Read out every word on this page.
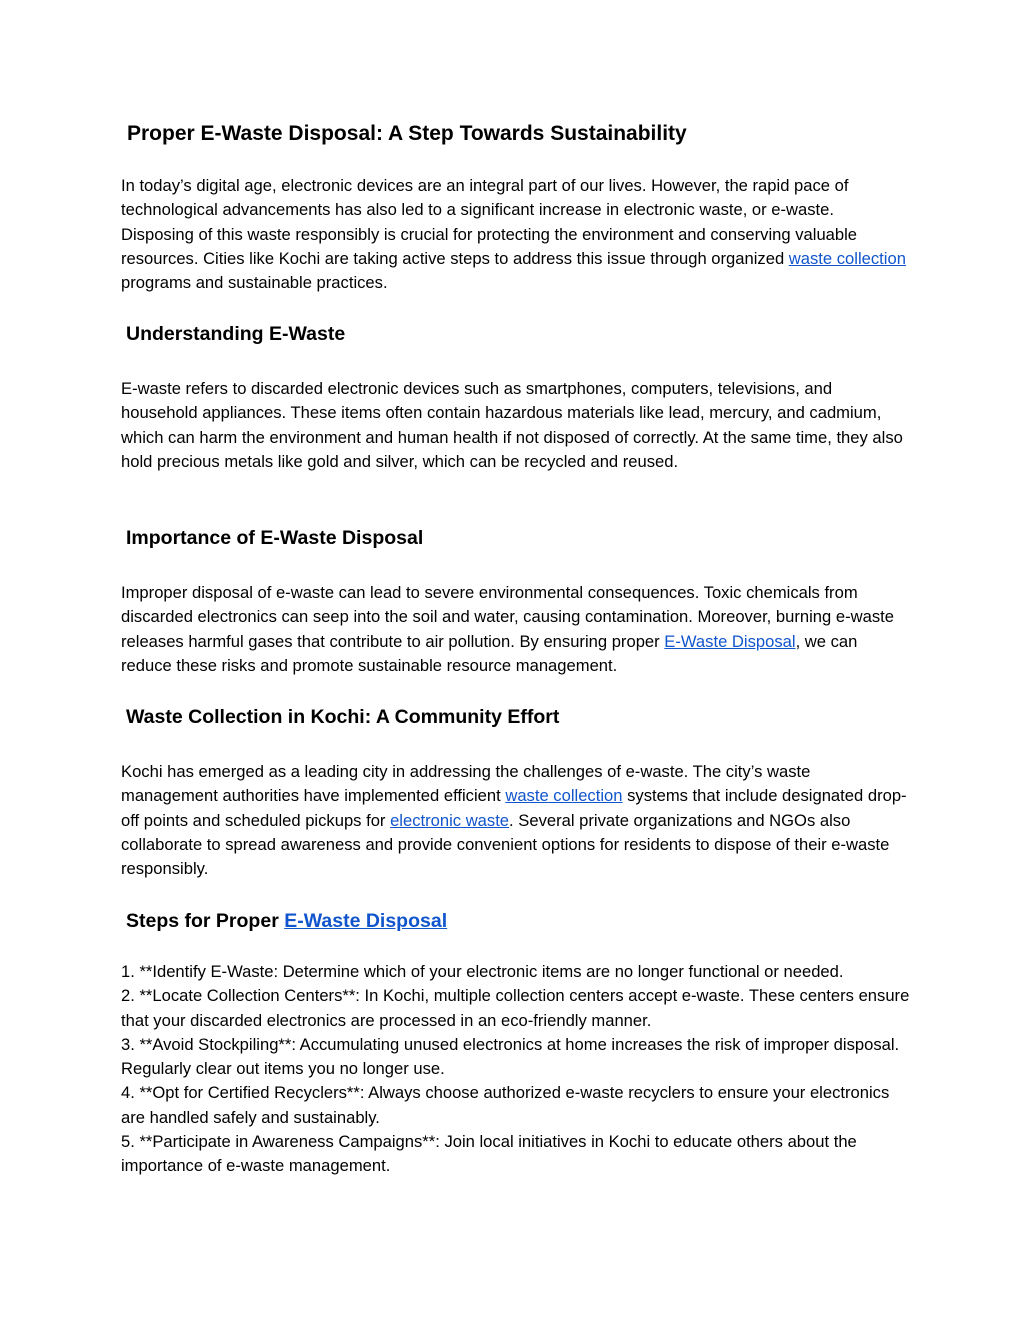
Proper E-Waste Disposal: A Step Towards Sustainability

In today’s digital age, electronic devices are an integral part of our lives. However, the rapid pace of technological advancements has also led to a significant increase in electronic waste, or e-waste. Disposing of this waste responsibly is crucial for protecting the environment and conserving valuable resources. Cities like Kochi are taking active steps to address this issue through organized waste collection programs and sustainable practices.

Understanding E-Waste

E-waste refers to discarded electronic devices such as smartphones, computers, televisions, and household appliances. These items often contain hazardous materials like lead, mercury, and cadmium, which can harm the environment and human health if not disposed of correctly. At the same time, they also hold precious metals like gold and silver, which can be recycled and reused.

Importance of E-Waste Disposal

Improper disposal of e-waste can lead to severe environmental consequences. Toxic chemicals from discarded electronics can seep into the soil and water, causing contamination. Moreover, burning e-waste releases harmful gases that contribute to air pollution. By ensuring proper E-Waste Disposal, we can reduce these risks and promote sustainable resource management.

Waste Collection in Kochi: A Community Effort

Kochi has emerged as a leading city in addressing the challenges of e-waste. The city’s waste management authorities have implemented efficient waste collection systems that include designated drop-off points and scheduled pickups for electronic waste. Several private organizations and NGOs also collaborate to spread awareness and provide convenient options for residents to dispose of their e-waste responsibly.

Steps for Proper E-Waste Disposal

1. **Identify E-Waste: Determine which of your electronic items are no longer functional or needed.

2. **Locate Collection Centers**: In Kochi, multiple collection centers accept e-waste. These centers ensure that your discarded electronics are processed in an eco-friendly manner.

3. **Avoid Stockpiling**: Accumulating unused electronics at home increases the risk of improper disposal. Regularly clear out items you no longer use.

4. **Opt for Certified Recyclers**: Always choose authorized e-waste recyclers to ensure your electronics are handled safely and sustainably.

5. **Participate in Awareness Campaigns**: Join local initiatives in Kochi to educate others about the importance of e-waste management.
